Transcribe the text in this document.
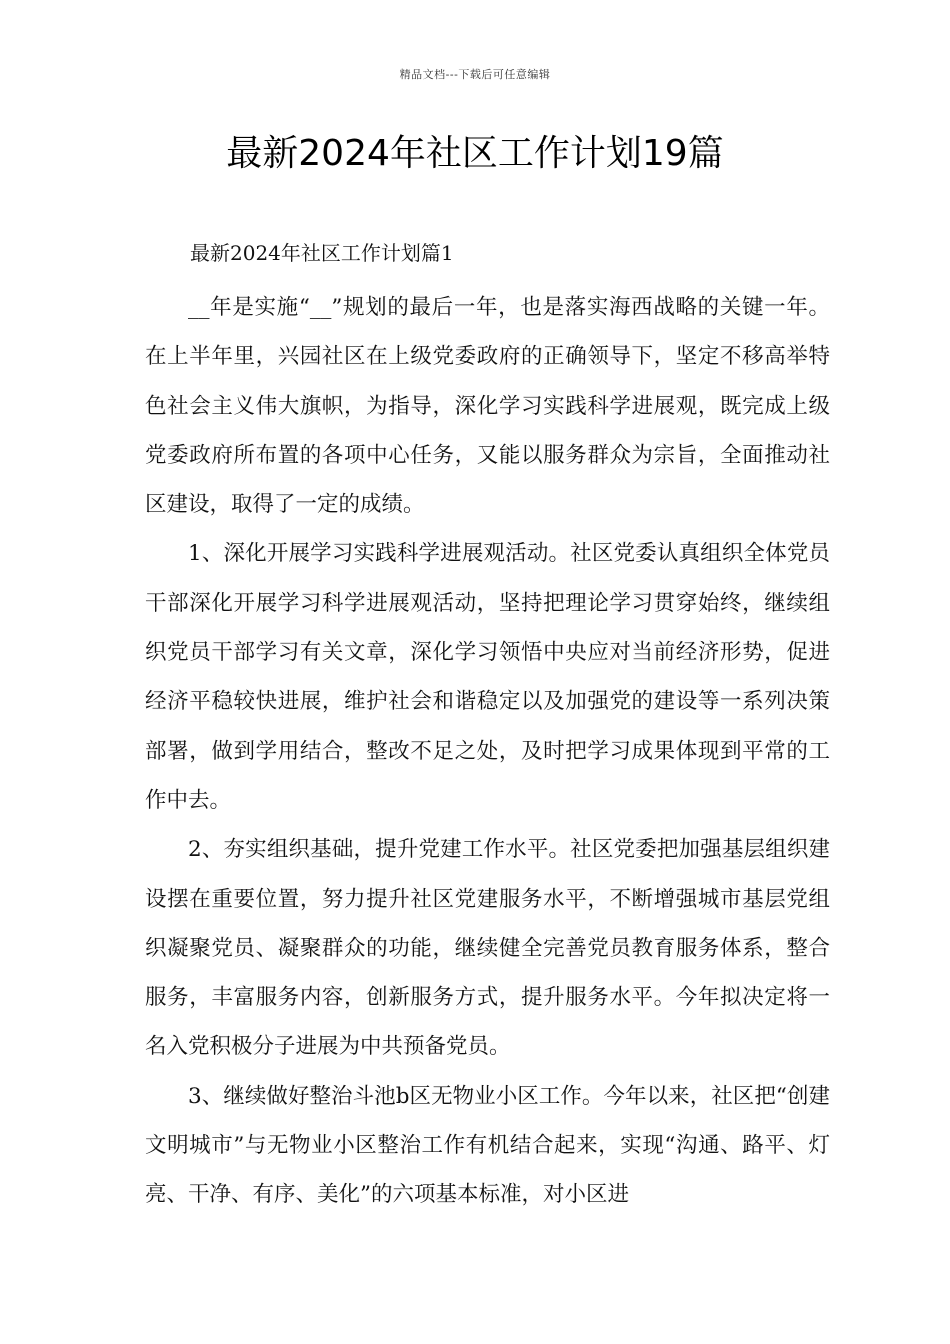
精品文档---下载后可任意编辑
最新2024年社区工作计划19篇
最新2024年社区工作计划篇1

__年是实施“__”规划的最后一年，也是落实海西战略的关键一年。在上半年里，兴园社区在上级党委政府的正确领导下，坚定不移高举特色社会主义伟大旗帜，为指导，深化学习实践科学进展观，既完成上级党委政府所布置的各项中心任务，又能以服务群众为宗旨，全面推动社区建设，取得了一定的成绩。

1、深化开展学习实践科学进展观活动。社区党委认真组织全体党员干部深化开展学习科学进展观活动，坚持把理论学习贯穿始终，继续组织党员干部学习有关文章，深化学习领悟中央应对当前经济形势，促进经济平稳较快进展，维护社会和谐稳定以及加强党的建设等一系列决策部署，做到学用结合，整改不足之处，及时把学习成果体现到平常的工作中去。

2、夯实组织基础，提升党建工作水平。社区党委把加强基层组织建设摆在重要位置，努力提升社区党建服务水平，不断增强城市基层党组织凝聚党员、凝聚群众的功能，继续健全完善党员教育服务体系，整合服务，丰富服务内容，创新服务方式，提升服务水平。今年拟决定将一名入党积极分子进展为中共预备党员。

3、继续做好整治斗池b区无物业小区工作。今年以来，社区把“创建文明城市”与无物业小区整治工作有机结合起来，实现“沟通、路平、灯亮、干净、有序、美化”的六项基本标准，对小区进
